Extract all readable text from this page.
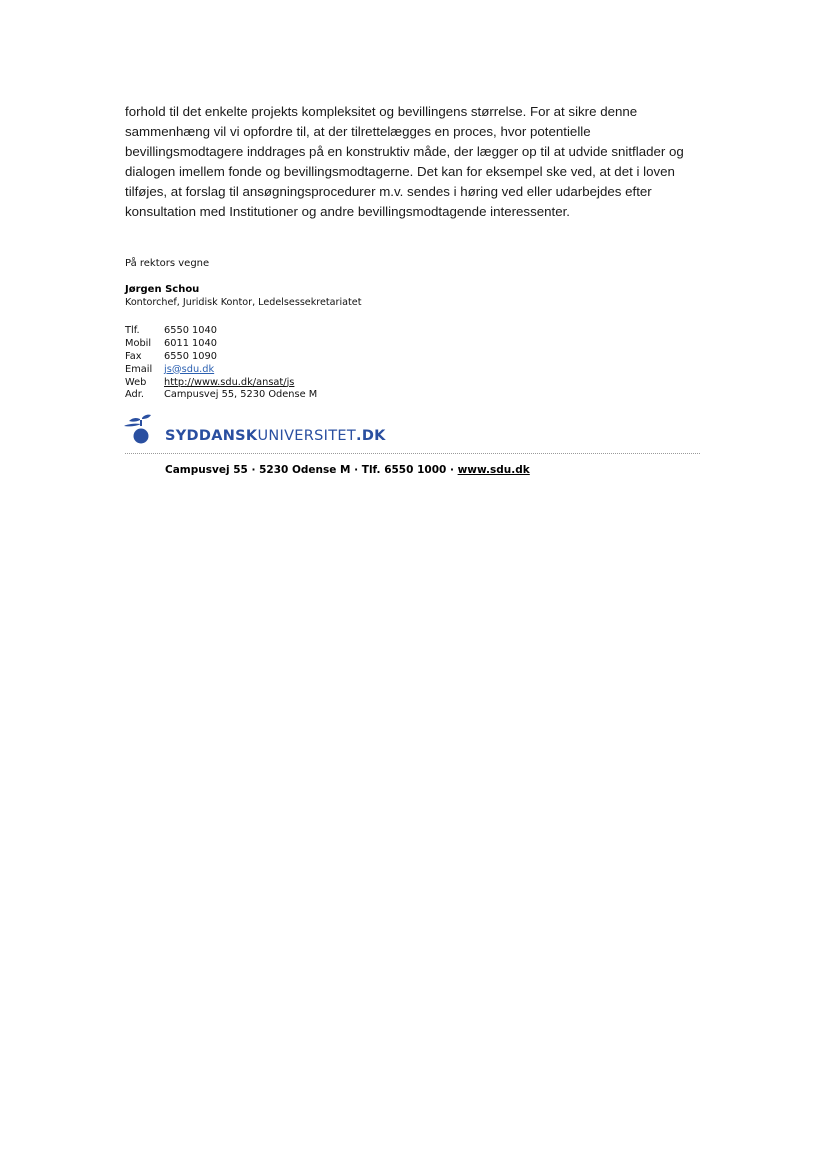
forhold til det enkelte projekts kompleksitet og bevillingens størrelse. For at sikre denne

sammenhæng vil vi opfordre til, at der tilrettelægges en proces, hvor potentielle

bevillingsmodtagere inddrages på en konstruktiv måde, der lægger op til at udvide snitflader og

dialogen imellem fonde og bevillingsmodtagerne. Det kan for eksempel ske ved, at det i loven

tilføjes, at forslag til ansøgningsprocedurer m.v. sendes i høring ved eller udarbejdes efter

konsultation med Institutioner og andre bevillingsmodtagende interessenter.

På rektors vegne
Jørgen Schou
Kontorchef, Juridisk Kontor, Ledelsessekretariatet
Tlf.	6550 1040
Mobil	6011 1040
Fax	6550 1090
Email	js@sdu.dk
Web	http://www.sdu.dk/ansat/js
Adr.	Campusvej 55, 5230 Odense M
SYDDANSKUNIVERSITET.DK
Campusvej 55 · 5230 Odense M · Tlf. 6550 1000 · www.sdu.dk
